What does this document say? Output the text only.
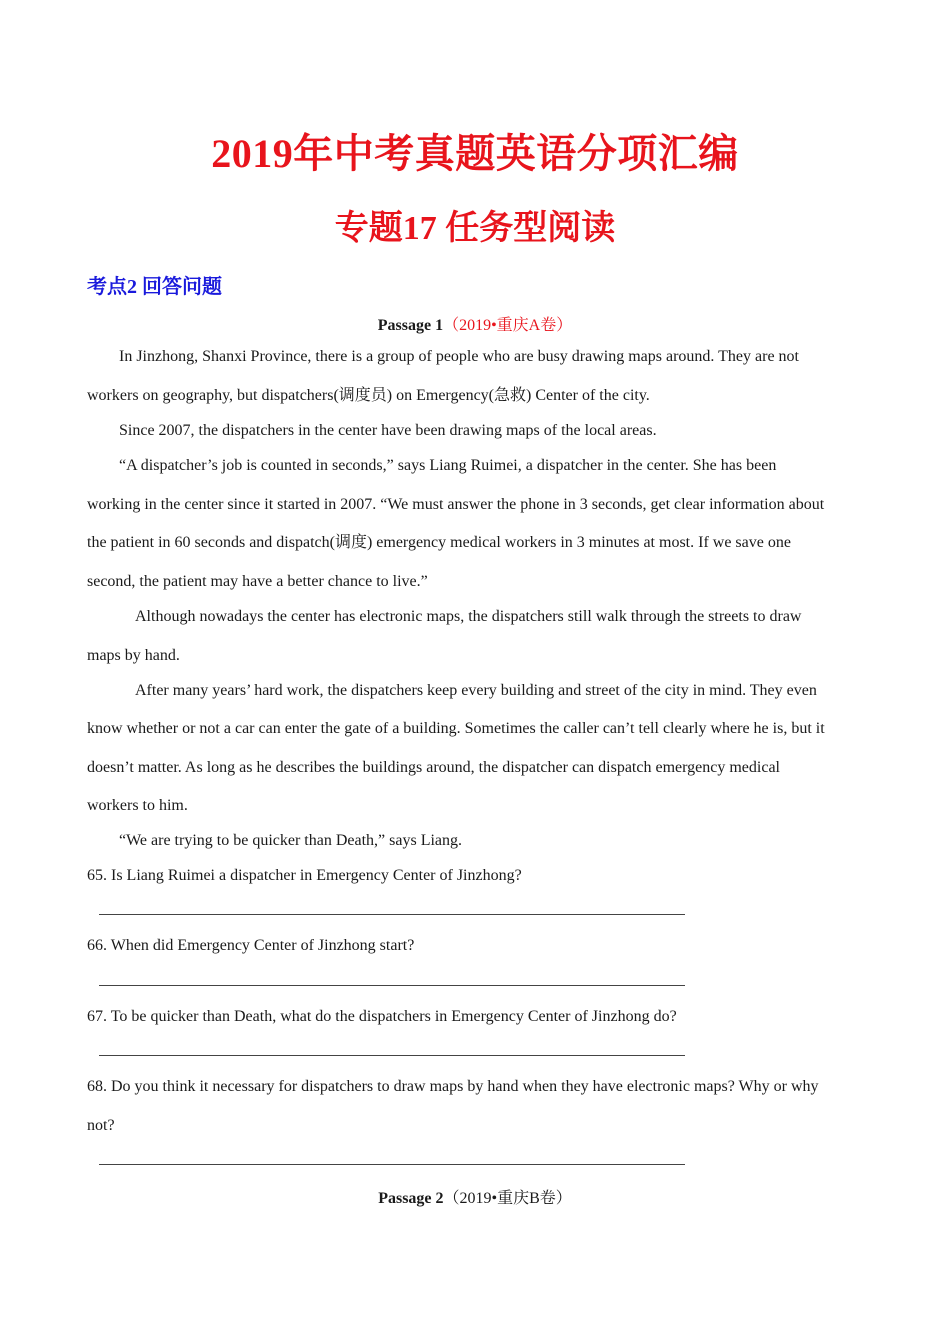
2019年中考真题英语分项汇编
专题17 任务型阅读
考点2 回答问题
Passage 1（2019•重庆A卷）
In Jinzhong, Shanxi Province, there is a group of people who are busy drawing maps around. They are not
workers on geography, but dispatchers(调度员) on Emergency(急救) Center of the city.
Since 2007, the dispatchers in the center have been drawing maps of the local areas.
“A dispatcher’s job is counted in seconds,” says Liang Ruimei, a dispatcher in the center. She has been
working in the center since it started in 2007. “We must answer the phone in 3 seconds, get clear information about
the patient in 60 seconds and dispatch(调度) emergency medical workers in 3 minutes at most. If we save one
second, the patient may have a better chance to live.”
Although nowadays the center has electronic maps, the dispatchers still walk through the streets to draw
maps by hand.
After many years’ hard work, the dispatchers keep every building and street of the city in mind. They even
know whether or not a car can enter the gate of a building. Sometimes the caller can’t tell clearly where he is, but it
doesn’t matter. As long as he describes the buildings around, the dispatcher can dispatch emergency medical
workers to him.
“We are trying to be quicker than Death,” says Liang.
65. Is Liang Ruimei a dispatcher in Emergency Center of Jinzhong?
66. When did Emergency Center of Jinzhong start?
67. To be quicker than Death, what do the dispatchers in Emergency Center of Jinzhong do?
68. Do you think it necessary for dispatchers to draw maps by hand when they have electronic maps? Why or why
not?
Passage 2（2019•重庆B卷）
